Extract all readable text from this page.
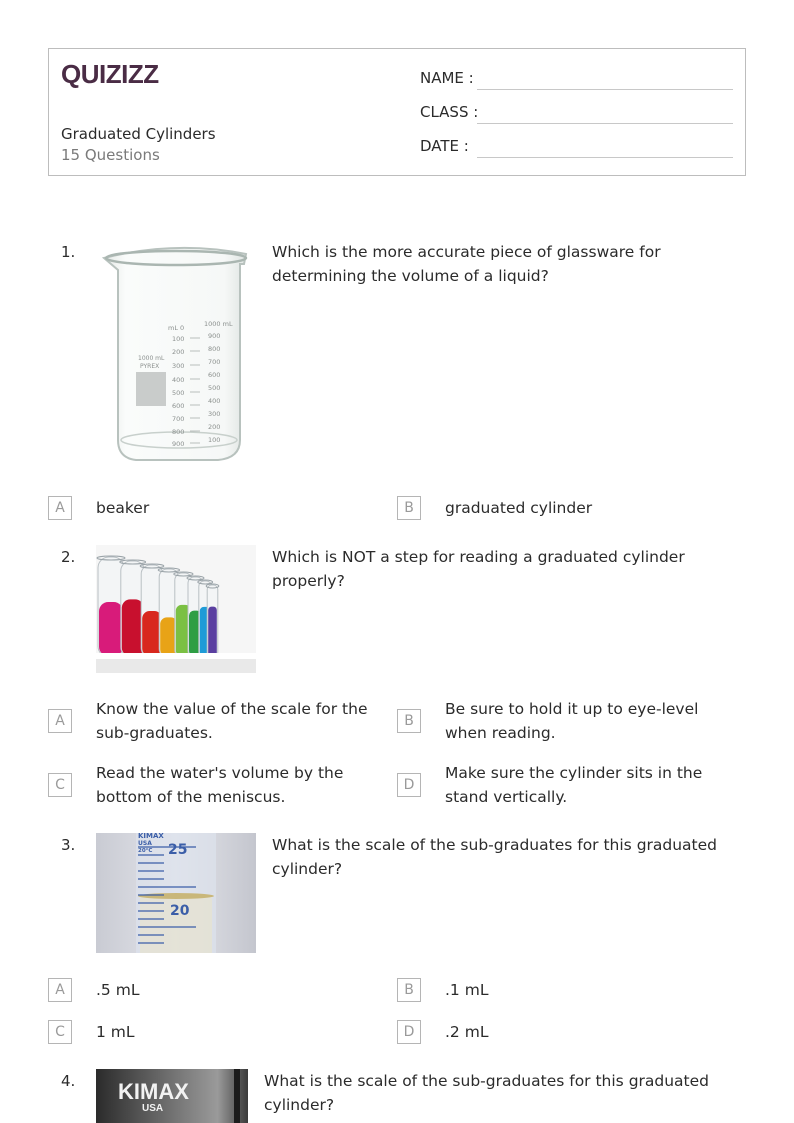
QUIZIZZ
Graduated Cylinders
15 Questions
NAME :
CLASS :
DATE :
1.
mL 0
100
200
300
400
500
600
700
800
900
1000 mL
900
800
700
600
500
400
300
200
100
1000 mL
PYREX
Which is the more accurate piece of glassware for determining the volume of a liquid?
A	beaker	B	graduated cylinder
2.	Which is NOT a step for reading a graduated cylinder properly?
A
Know the value of the scale for the sub-graduates.
B
Be sure to hold it up to eye-level when reading.
C
Read the water's volume by the bottom of the meniscus.
D
Make sure the cylinder sits in the stand vertically.
3.	25
20
KIMAX
USA
20°C	What is the scale of the sub-graduates for this graduated cylinder?
A	.5 mL	B	.1 mL
C	1 mL	D	.2 mL
4. KIMAX
USA
What is the scale of the sub-graduates for this graduated cylinder?
